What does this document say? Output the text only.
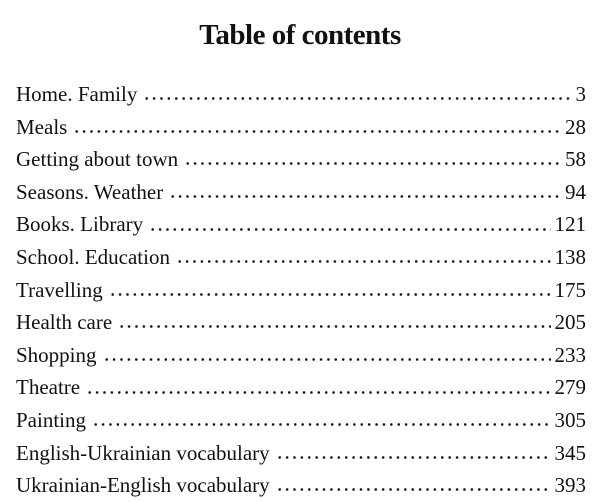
Table of contents
Home. Family	3
Meals	28
Getting about town	58
Seasons. Weather	94
Books. Library	121
School. Education	138
Travelling	175
Health care	205
Shopping	233
Theatre	279
Painting	305
English-Ukrainian vocabulary	345
Ukrainian-English vocabulary	393
